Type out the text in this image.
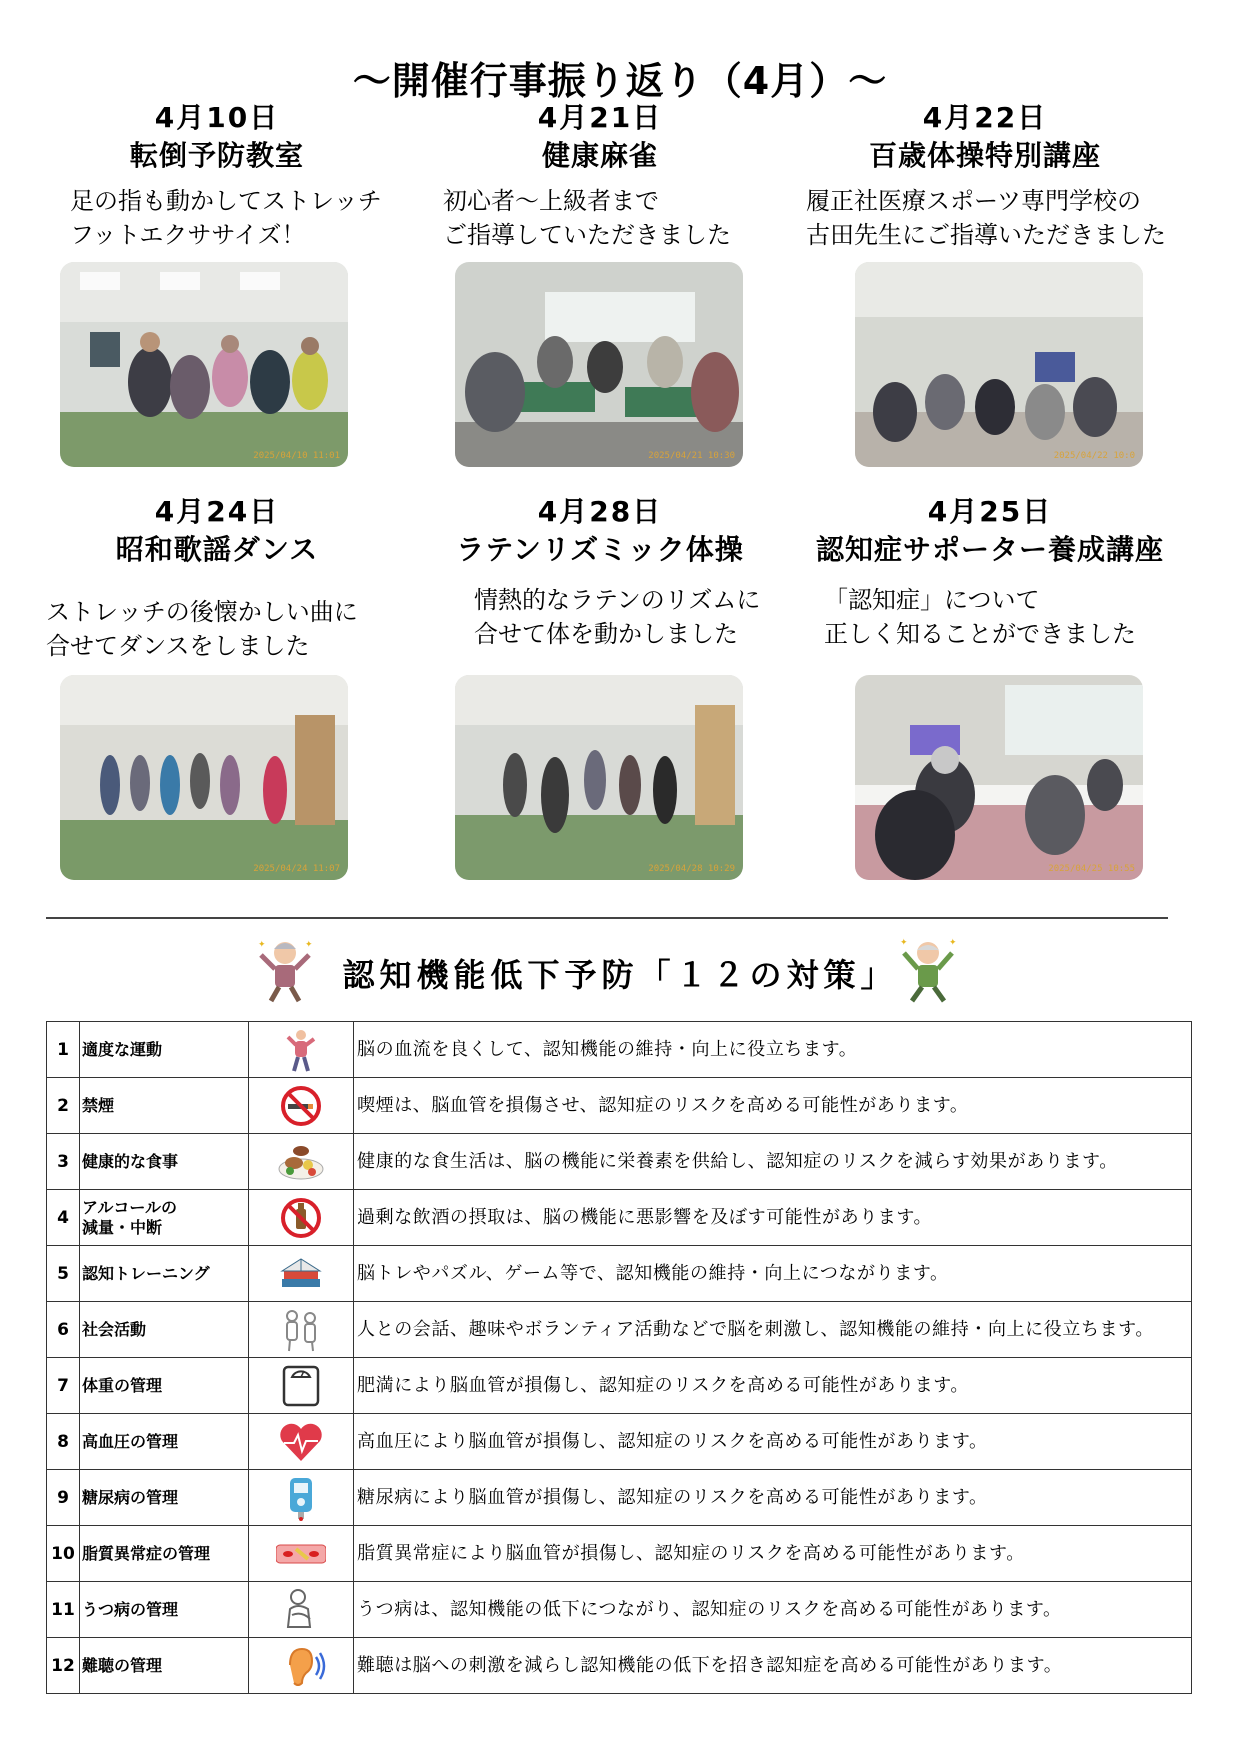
～開催行事振り返り（4月）～
4月10日
転倒予防教室
足の指も動かしてストレッチ
フットエクササイズ！
4月21日
健康麻雀
初心者～上級者まで
ご指導していただきました
4月22日
百歳体操特別講座
履正社医療スポーツ専門学校の
古田先生にご指導いただきました
2025/04/10 11:01	2025/04/21 10:30	2025/04/22 10:0
4月24日
昭和歌謡ダンス
ストレッチの後懐かしい曲に
合せてダンスをしました
4月28日
ラテンリズミック体操
情熱的なラテンのリズムに
合せて体を動かしました
4月25日
認知症サポーター養成講座
「認知症」について
正しく知ることができました
2025/04/24 11:07	2025/04/28 10:29	2025/04/25 10:55
✦	✦
認知機能低下予防「１２の対策」
✦	✦
1	適度な運動		脳の血流を良くして、認知機能の維持・向上に役立ちます。
2	禁煙		喫煙は、脳血管を損傷させ、認知症のリスクを高める可能性があります。
3	健康的な食事		健康的な食生活は、脳の機能に栄養素を供給し、認知症のリスクを減らす効果があります。
4	アルコールの
減量・中断		過剰な飲酒の摂取は、脳の機能に悪影響を及ぼす可能性があります。
5	認知トレーニング		脳トレやパズル、ゲーム等で、認知機能の維持・向上につながります。
6	社会活動		人との会話、趣味やボランティア活動などで脳を刺激し、認知機能の維持・向上に役立ちます。
7	体重の管理		肥満により脳血管が損傷し、認知症のリスクを高める可能性があります。
8	高血圧の管理		高血圧により脳血管が損傷し、認知症のリスクを高める可能性があります。
9	糖尿病の管理		糖尿病により脳血管が損傷し、認知症のリスクを高める可能性があります。
10	脂質異常症の管理		脂質異常症により脳血管が損傷し、認知症のリスクを高める可能性があります。
11	うつ病の管理		うつ病は、認知機能の低下につながり、認知症のリスクを高める可能性があります。
12	難聴の管理		難聴は脳への刺激を減らし認知機能の低下を招き認知症を高める可能性があります。
